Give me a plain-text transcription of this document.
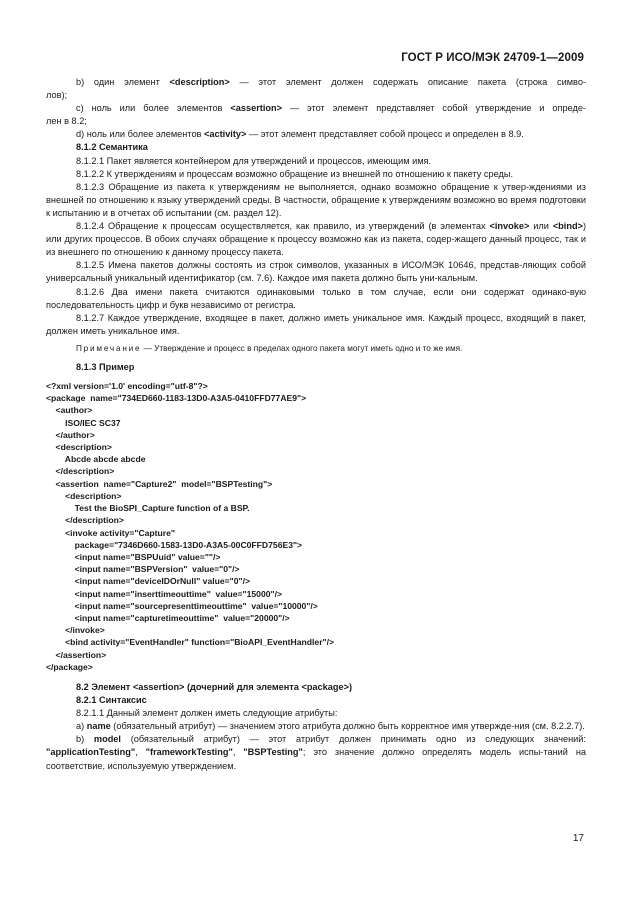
ГОСТ Р ИСО/МЭК 24709-1—2009

b) один элемент <description> — этот элемент должен содержать описание пакета (строка симво-

лов);

c) ноль или более элементов <assertion> — этот элемент представляет собой утверждение и опреде-

лен в 8.2;

d) ноль или более элементов <activity> — этот элемент представляет собой процесс и определен в 8.9.

8.1.2 Семантика

8.1.2.1 Пакет является контейнером для утверждений и процессов, имеющим имя.

8.1.2.2 К утверждениям и процессам возможно обращение из внешней по отношению к пакету среды.

8.1.2.3 Обращение из пакета к утверждениям не выполняется, однако возможно обращение к утвер-ждениями из внешней по отношению к языку утверждений среды. В частности, обращение к утверждениям возможно во время подготовки к испытанию и в отчетах об испытании (см. раздел 12).

8.1.2.4 Обращение к процессам осуществляется, как правило, из утверждений (в элементах <invoke> или <bind>) или других процессов. В обоих случаях обращение к процессу возможно как из пакета, содер-жащего данный процесс, так и из внешнего по отношению к данному процессу пакета.

8.1.2.5 Имена пакетов должны состоять из строк символов, указанных в ИСО/МЭК 10646, представ-ляющих собой универсальный уникальный идентификатор (см. 7.6). Каждое имя пакета должно быть уни-кальным.

8.1.2.6 Два имени пакета считаются одинаковыми только в том случае, если они содержат одинако-вую последовательность цифр и букв независимо от регистра.

8.1.2.7 Каждое утверждение, входящее в пакет, должно иметь уникальное имя. Каждый процесс, входящий в пакет, должен иметь уникальное имя.

Примечание — Утверждение и процесс в пределах одного пакета могут иметь одно и то же имя.

8.1.3 Пример

<?xml version='1.0' encoding="utf-8"?>
<package  name="734ED660-1183-13D0-A3A5-0410FFD77AE9">
<author>
ISO/IEC SC37
</author>
<description>
Abcde abcde abcde
</description>
<assertion  name="Capture2"  model="BSPTesting">
<description>
Test the BioSPI_Capture function of a BSP.
</description>
<invoke activity="Capture"
package="7346D660-1583-13D0-A3A5-00C0FFD756E3">
<input name="BSPUuid" value=""/>
<input name="BSPVersion"  value="0"/>
<input name="deviceIDOrNull" value="0"/>
<input name="inserttimeouttime"  value="15000"/>
<input name="sourcepresenttimeouttime"  value="10000"/>
<input name="capturetimeouttime"  value="20000"/>
</invoke>
<bind activity="EventHandler" function="BioAPI_EventHandler"/>
</assertion>
</package>

8.2 Элемент <assertion> (дочерний для элемента <package>)

8.2.1 Синтаксис

8.2.1.1 Данный элемент должен иметь следующие атрибуты:

a) name (обязательный атрибут) — значением этого атрибута должно быть корректное имя утвержде-ния (см. 8.2.2.7).

b) model (обязательный атрибут) — этот атрибут должен принимать одно из следующих значений: "applicationTesting", "frameworkTesting", "BSPTesting"; это значение должно определять модель испы-таний на соответствие, используемую утверждением.

17
